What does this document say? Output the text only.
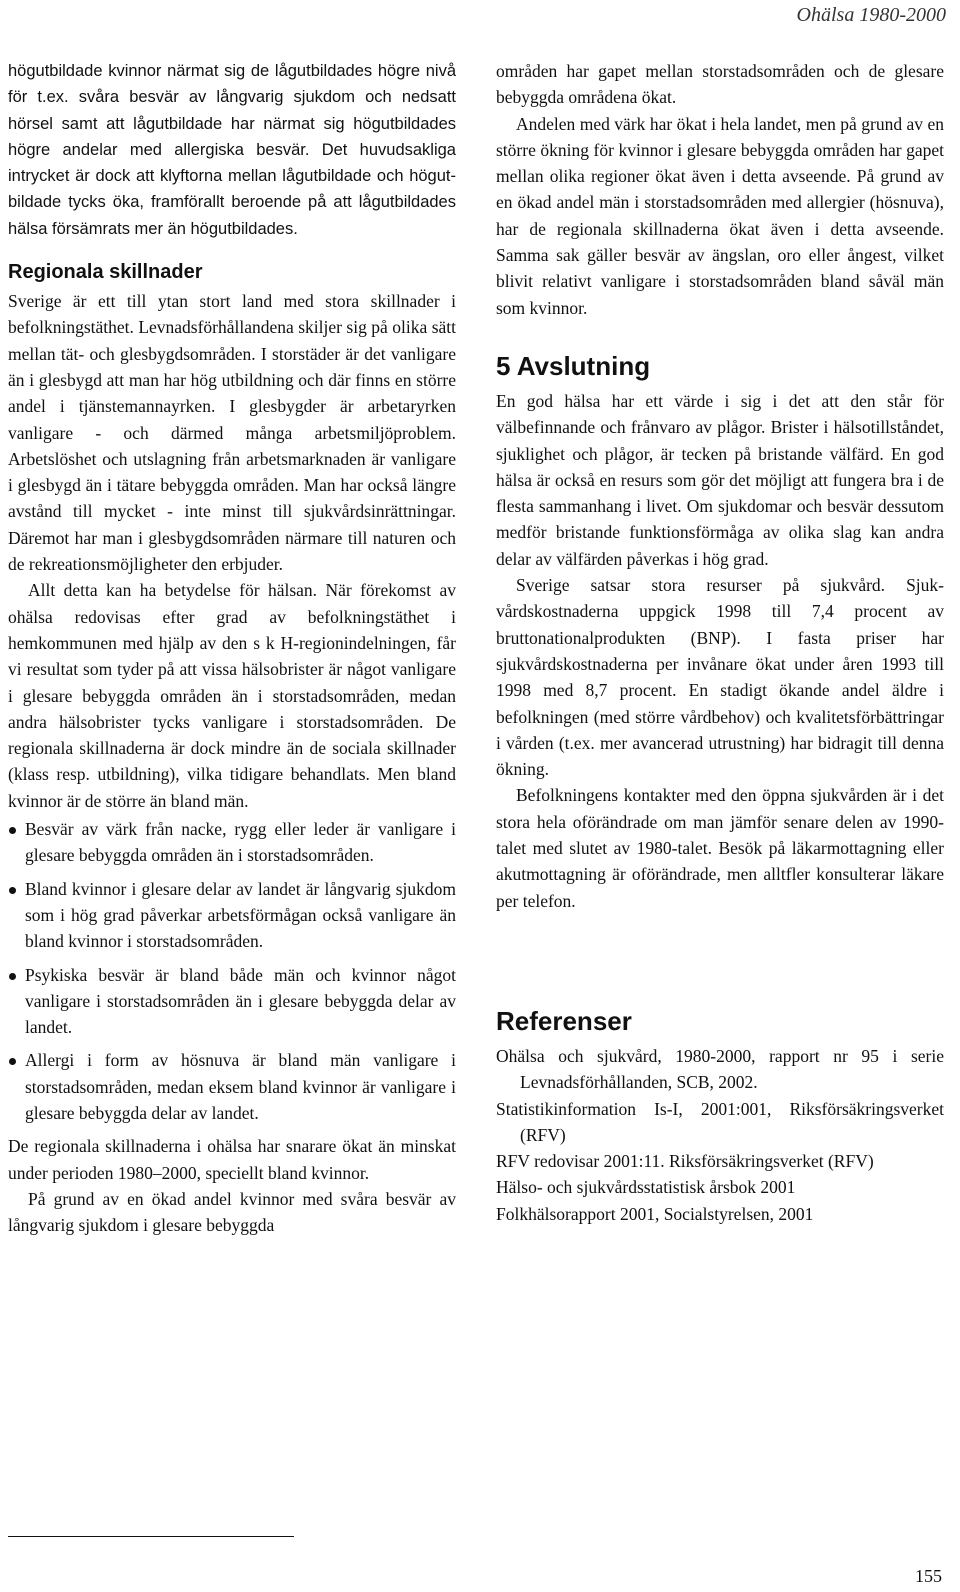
Ohälsa 1980-2000

högutbildade kvinnor närmat sig de lågutbildades högre nivå för t.ex. svåra besvär av långvarig sjukdom och nedsatt hörsel samt att lågutbildade har närmat sig högutbildades högre andelar med allergiska besvär. Det huvudsakliga intrycket är dock att klyftorna mellan lågutbildade och högutbildade tycks öka, framförallt beroende på att lågutbildades hälsa försämrats mer än högutbildades.

Regionala skillnader

Sverige är ett till ytan stort land med stora skillnader i befolkningstäthet. Levnadsförhållandena skiljer sig på olika sätt mellan tät- och glesbygdsområden. I storstäder är det vanligare än i glesbygd att man har hög utbildning och där finns en större andel i tjänstemannayrken. I glesbygder är arbetaryrken vanligare - och därmed många arbetsmiljöproblem. Arbetslöshet och utslagning från arbetsmarknaden är vanligare i glesbygd än i tätare bebyggda områden. Man har också längre avstånd till mycket - inte minst till sjukvårdsinrättningar. Däremot har man i glesbygdsområden närmare till naturen och de rekreationsmöjligheter den erbjuder.

Allt detta kan ha betydelse för hälsan. När förekomst av ohälsa redovisas efter grad av befolkningstäthet i hemkommunen med hjälp av den s k H-regionindelningen, får vi resultat som tyder på att vissa hälsobrister är något vanligare i glesare bebyggda områden än i storstadsområden, medan andra hälsobrister tycks vanligare i storstadsområden. De regionala skillnaderna är dock mindre än de sociala skillnader (klass resp. utbildning), vilka tidigare behandlats. Men bland kvinnor är de större än bland män.

Besvär av värk från nacke, rygg eller leder är vanligare i glesare bebyggda områden än i storstadsområden.
Bland kvinnor i glesare delar av landet är långvarig sjukdom som i hög grad påverkar arbetsförmågan också vanligare än bland kvinnor i storstadsområden.
Psykiska besvär är bland både män och kvinnor något vanligare i storstadsområden än i glesare bebyggda delar av landet.
Allergi i form av hösnuva är bland män vanligare i storstadsområden, medan eksem bland kvinnor är vanligare i glesare bebyggda delar av landet.

De regionala skillnaderna i ohälsa har snarare ökat än minskat under perioden 1980–2000, speciellt bland kvinnor.

På grund av en ökad andel kvinnor med svåra besvär av långvarig sjukdom i glesare bebyggda

områden har gapet mellan storstadsområden och de glesare bebyggda områdena ökat.

Andelen med värk har ökat i hela landet, men på grund av en större ökning för kvinnor i glesare bebyggda områden har gapet mellan olika regioner ökat även i detta avseende. På grund av en ökad andel män i storstadsområden med allergier (hösnuva), har de regionala skillnaderna ökat även i detta avseende. Samma sak gäller besvär av ängslan, oro eller ångest, vilket blivit relativt vanligare i storstadsområden bland såväl män som kvinnor.

5 Avslutning

En god hälsa har ett värde i sig i det att den står för välbefinnande och frånvaro av plågor. Brister i hälsotillståndet, sjuklighet och plågor, är tecken på bristande välfärd. En god hälsa är också en resurs som gör det möjligt att fungera bra i de flesta sammanhang i livet. Om sjukdomar och besvär dessutom medför bristande funktionsförmåga av olika slag kan andra delar av välfärden påverkas i hög grad.

Sverige satsar stora resurser på sjukvård. Sjukvårdskostnaderna uppgick 1998 till 7,4 procent av bruttonationalprodukten (BNP). I fasta priser har sjukvårdskostnaderna per invånare ökat under åren 1993 till 1998 med 8,7 procent. En stadigt ökande andel äldre i befolkningen (med större vårdbehov) och kvalitetsförbättringar i vården (t.ex. mer avancerad utrustning) har bidragit till denna ökning.

Befolkningens kontakter med den öppna sjukvården är i det stora hela oförändrade om man jämför senare delen av 1990-talet med slutet av 1980-talet. Besök på läkarmottagning eller akutmottagning är oförändrade, men alltfler konsulterar läkare per telefon.

Referenser
Ohälsa och sjukvård, 1980-2000, rapport nr 95 i serie Levnadsförhållanden, SCB, 2002.
Statistikinformation Is-I, 2001:001, Riksförsäkringsverket (RFV)
RFV redovisar 2001:11. Riksförsäkringsverket (RFV)
Hälso- och sjukvårdsstatistisk årsbok 2001
Folkhälsorapport 2001, Socialstyrelsen, 2001
155
